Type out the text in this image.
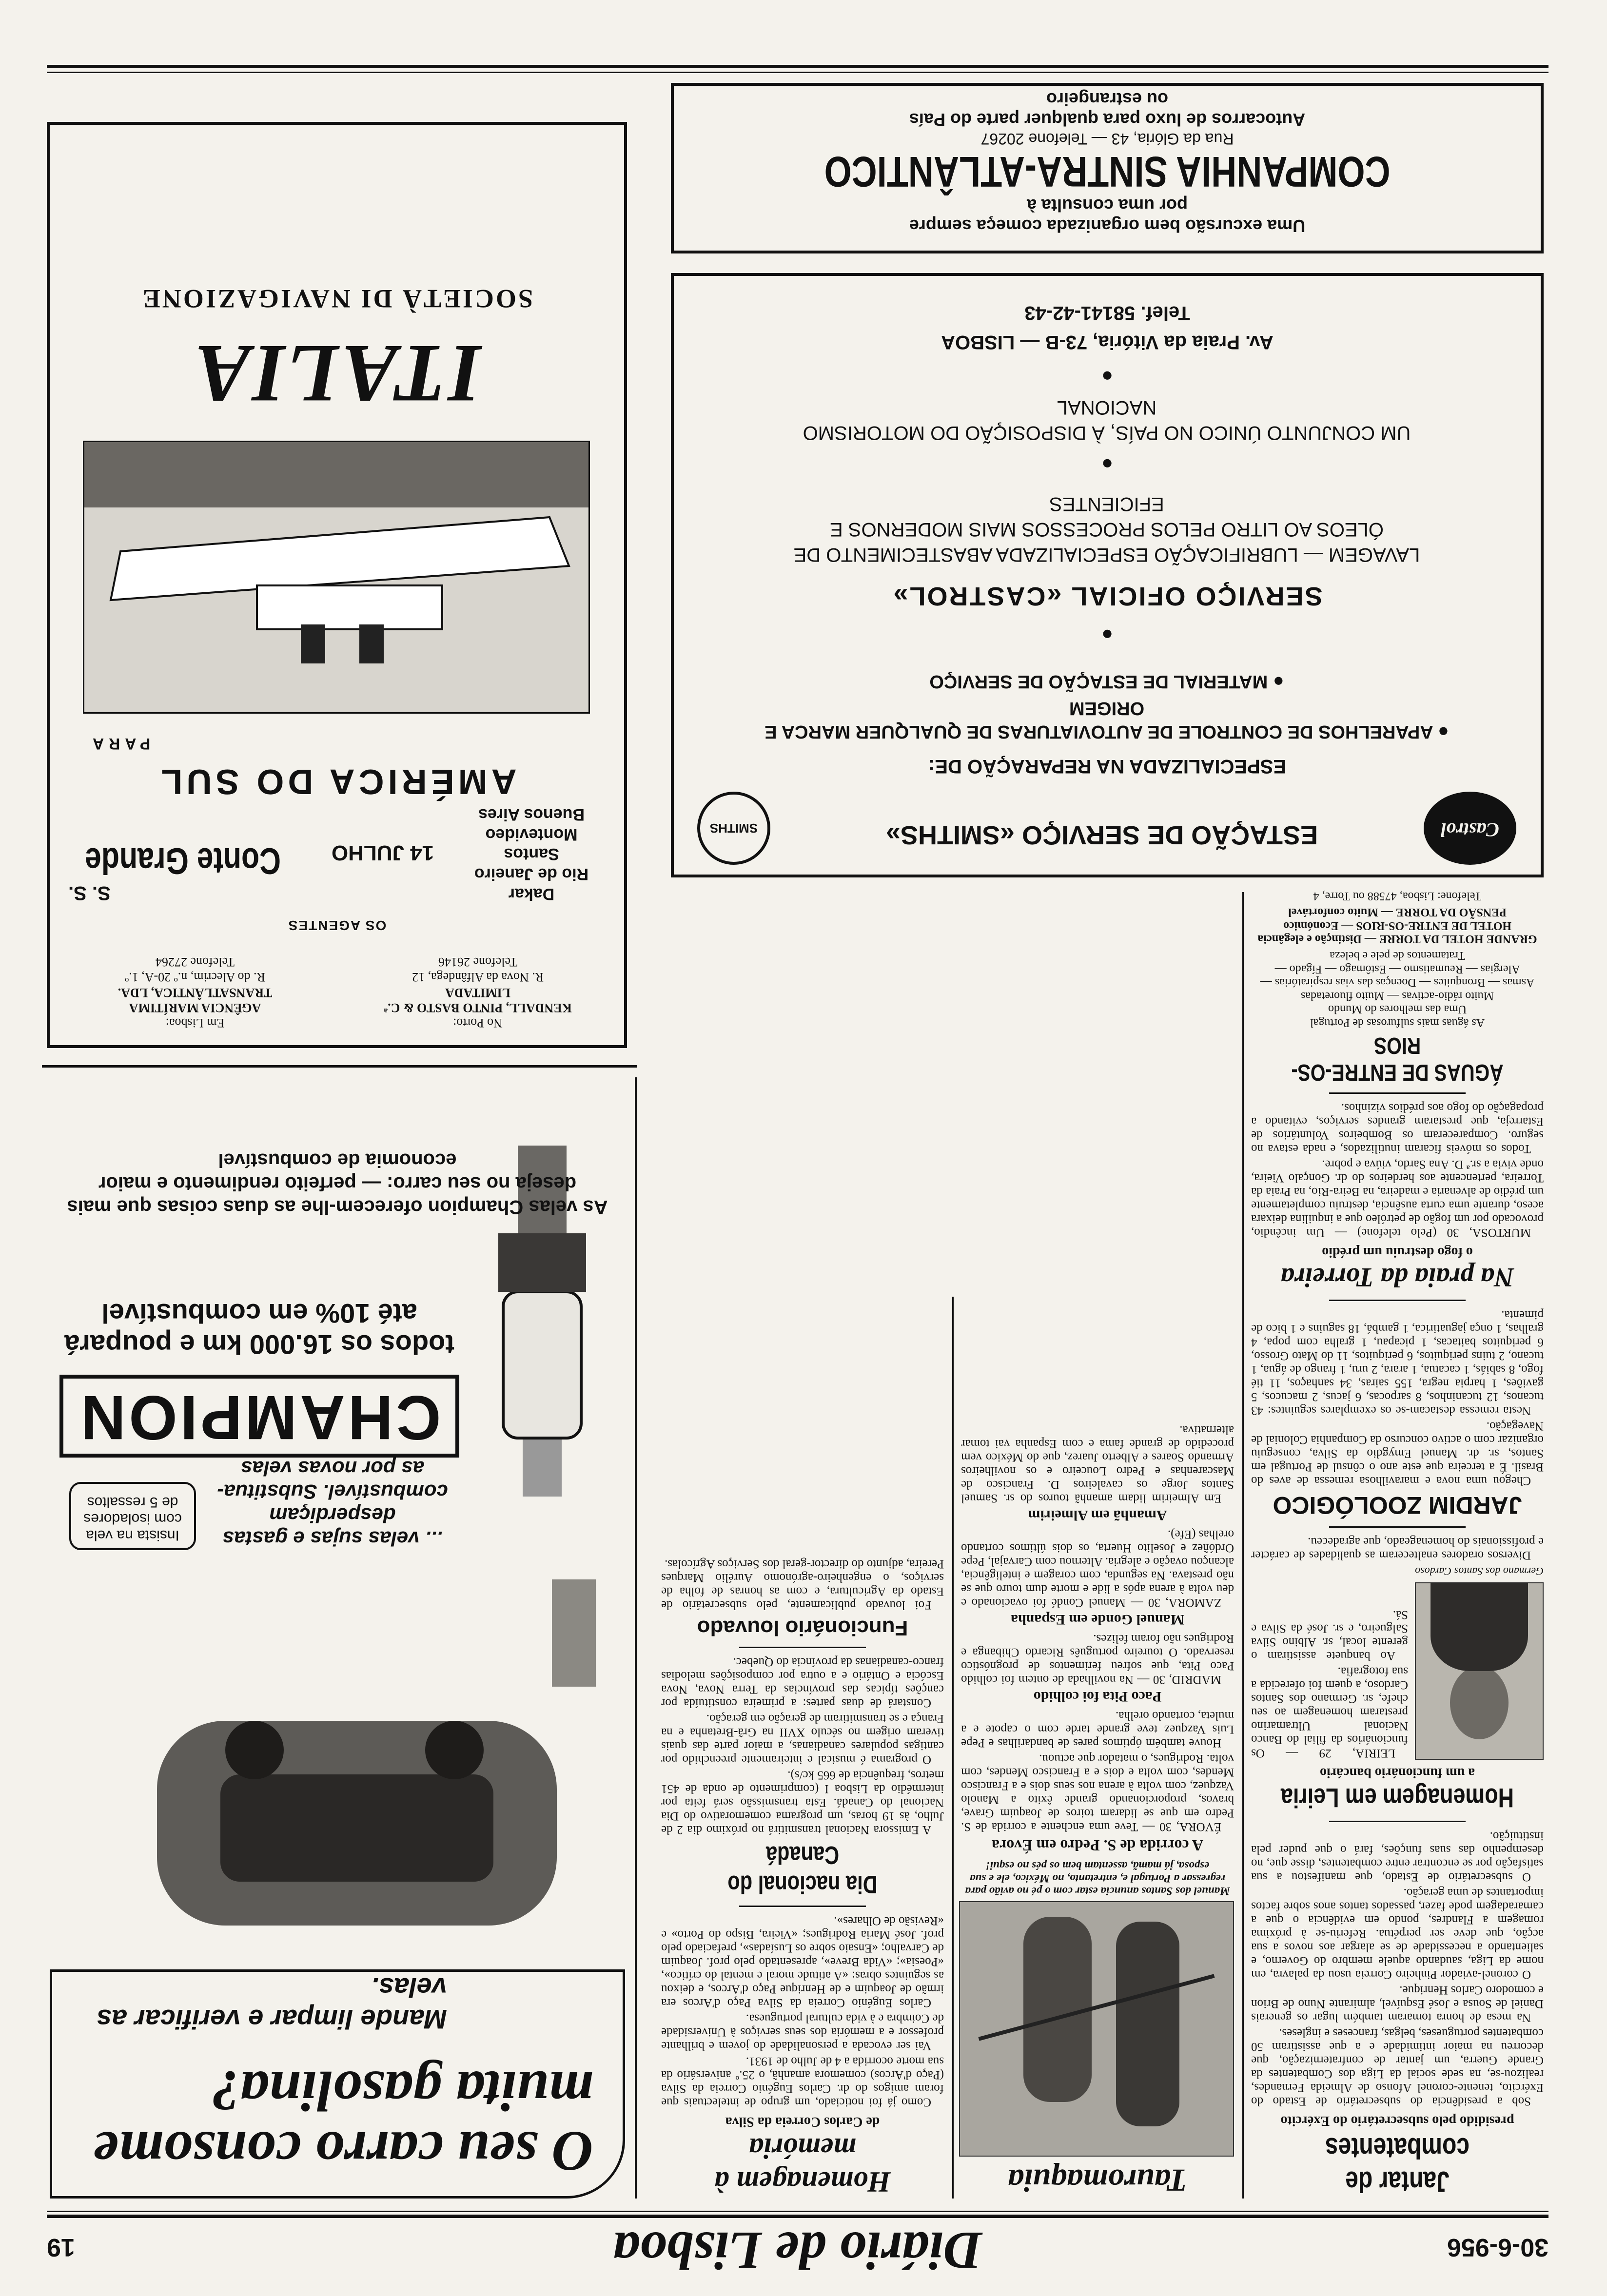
30-6-956
Diário de Lisboa
19
Jantar de combatentes
presidido pelo subsecretário do Exército

Sob a presidência do subsecretário de Estado do Exército, tenente-coronel Afonso de Almeida Fernandes, realizou-se, na sede social da Liga dos Combatentes da Grande Guerra, um jantar de confraternização, que decorreu na maior intimidade e a que assistiram 50 combatentes portugueses, belgas, franceses e ingleses.

Na mesa de honra tomaram também lugar os generais Daniel de Sousa e José Esquível, almirante Nuno de Brion e comodoro Carlos Henrique.

O coronel-aviador Pinheiro Correia usou da palavra, em nome da Liga, saudando aquele membro do Governo, e salientando a necessidade de se alargar aos novos a sua acção, que deve ser perpétua. Referiu-se à próxima romagem a Flandres, pondo em evidência o que a camaradagem pode fazer, passados tantos anos sobre factos importantes de uma geração.

O subsecretário de Estado, que manifestou a sua satisfação por se encontrar entre combatentes, disse que, no desempenho das suas funções, fará o que puder pela instituição.

Homenagem em Leiria
a um funcionário bancário

LEIRIA, 29 — Os funcionários da filial do Banco Nacional Ultramarino prestaram homenagem ao seu chefe, sr. Germano dos Santos Cardoso, a quem foi oferecida a sua fotografia.

Ao banquete assistiram o gerente local, sr. Albino Silva Salgueiro, e sr. José da Silva e Sá.

Germano dos Santos Cardoso

Diversos oradores enalteceram as qualidades de carácter e profissionais do homenageado, que agradeceu.

JARDIM ZOOLÓGICO

Chegou uma nova e maravilhosa remessa de aves do Brasil. É a terceira que este ano o cônsul de Portugal em Santos, sr. dr. Manuel Emygdio da Silva, conseguiu organizar com o activo concurso da Companhia Colonial de Navegação.

Nesta remessa destacam-se os exemplares seguintes: 43 tucanos, 12 tucaninhos, 8 sarpocas, 6 jacus, 2 macucos, 5 gaviões, 1 harpia negra, 155 sairas, 34 sanhaços, 11 tié fogo, 8 sabiás, 1 cacatua, 1 arara, 2 uru, 1 frango de água, 1 tucano, 2 tuins periquitos, 6 periquitos, 11 do Mato Grosso, 6 periquitos baitacas, 1 picapau, 1 gralha com popa, 4 gralhas, 1 onça jaguatirica, 1 gambá, 18 saguins e 1 bico de pimenta.

Na praia da Torreira
o fogo destruiu um prédio

MURTOSA, 30 (Pelo telefone) — Um incêndio, provocado por um fogão de petróleo que a inquilina deixara aceso, durante uma curta ausência, destruiu completamente um prédio de alvenaria e madeira, na Beira-Rio, na Praia da Torreira, pertencente aos herdeiros do dr. Gonçalo Vieira, onde vivia a sr.ª D. Ana Sardo, viúva e pobre.

Todos os móveis ficaram inutilizados, e nada estava no seguro. Compareceram os Bombeiros Voluntários de Estarreja, que prestaram grandes serviços, evitando a propagação do fogo aos prédios vizinhos.

ÁGUAS DE ENTRE-OS-RIOS
As águas mais sulfurosas de Portugal
Uma das melhores do Mundo
Muito rádio-activas — Muito fluoretadas
Asmas — Bronquites — Doenças das vias respiratórias — Alergias — Reumatismo — Estômago — Fígado — Tratamentos de pele e beleza
GRANDE HOTEL DA TORRE — Distinção e elegância
HOTEL DE ENTRE-OS-RIOS — Económico
PENSÃO DA TORRE — Muito confortável
Telefone: Lisboa, 47588 ou Torre, 4
Tauromaquia
Manuel dos Santos anuncia estar com o pé no avião para regressar a Portugal e, entretanto, no México, ele e sua esposa, já mamã, assentam bem os pés no esqui!
A corrida de S. Pedro em Évora

ÉVORA, 30 — Teve uma enchente a corrida de S. Pedro em que se lidaram toiros de Joaquim Grave, bravos, proporcionando grande êxito a Manolo Vazquez, com volta à arena nos seus dois e a Francisco Mendes, com volta e dois e a Francisco Mendes, com volta. Rodrigues, o matador que actuou.

Houve também óptimos pares de bandarilhas e Pepe Luis Vazquez teve grande tarde com o capote e a muleta, cortando orelha.

Paco Pita foi colhido

MADRID, 30 — Na novilhada de ontem foi colhido Paco Pita, que sofreu ferimentos de prognóstico reservado. O toureiro português Ricardo Chibanga e Rodrigues não foram felizes.

Manuel Gonde em Espanha

ZAMORA, 30 — Manuel Condé foi ovacionado e deu volta à arena após a lide e morte dum touro que se não prestava. Na segunda, com coragem e inteligência, alcançou ovação e alegria. Alternou com Carvajal, Pepe Ordóñez e Joselito Huerta, os dois últimos cortando orelhas (Efe).

Amanhã em Almeirim

Em Almeirim lidam amanhã touros do sr. Samuel Santos Jorge os cavaleiros D. Francisco de Mascarenhas e Pedro Louceiro e os novilheiros Armando Soares e Alberto Juarez, que do México vem procedido de grande fama e com Espanha vai tomar alternativa.

Homenagem à memória
de Carlos Correia da Silva

Como já foi noticiado, um grupo de intelectuais que foram amigos do dr. Carlos Eugénio Correia da Silva (Paço d'Arcos) comemora amanhã, o 25.º aniversário da sua morte ocorrida a 4 de Julho de 1931.

Vai ser evocada a personalidade do jovem e brilhante professor e a memória dos seus serviços à Universidade de Coimbra e à vida cultural portuguesa.

Carlos Eugénio Correia da Silva Paço d'Arcos era irmão de Joaquim e de Henrique Paço d'Arcos, e deixou as seguintes obras: «A atitude moral e mental do crítico», «Poesia»; «Vida Breve», apresentado pelo prof. Joaquim de Carvalho; «Ensaio sobre os Lusíadas», prefaciado pelo prof. José Maria Rodrigues; «Vieira, Bispo do Porto» e «Revisão de Olhares».

Dia nacional do Canadá

A Emissora Nacional transmitirá no próximo dia 2 de Julho, às 19 horas, um programa comemorativo do Dia Nacional do Canadá. Esta transmissão será feita por intermédio da Lisboa I (comprimento de onda de 451 metros, frequência de 665 kc/s).

O programa é musical e inteiramente preenchido por cantigas populares canadianas, a maior parte das quais tiveram origem no século XVII na Grã-Bretanha e na França e se transmitiram de geração em geração.

Constará de duas partes: a primeira constituída por canções típicas das províncias da Terra Nova, Nova Escócia e Ontário e a outra por composições melodias franco-canadianas da província do Quebec.

Funcionário louvado

Foi louvado publicamente, pelo subsecretário de Estado da Agricultura, e com as honras de folha de serviços, o engenheiro-agrónomo Aurélio Marques Pereira, adjunto do director-geral dos Serviços Agrícolas.

O seu carro consome muita gasolina?
Mande limpar e verificar as velas.
Insista na vela com isoladores de 5 ressaltos
... velas sujas e gastas desperdiçam combustível. Substitua-as por novas velas
CHAMPION
todos os 16.000 km e poupará até 10% em combustível
As velas Champion oferecem-lhe as duas coisas que mais deseja no seu carro: — perfeito rendimento e maior economia de combustível
OS AGENTES
No Porto:
KENDALL, PINTO BASTO & C.ª LIMITADA
R. Nova da Alfândega, 12
Telefone 26146
Em Lisboa:
AGÊNCIA MARÍTIMA TRANSATLÂNTICA, LDA.
R. do Alecrim, n.º 20-A, 1.º
Telefone 27264
Dakar
Rio de Janeiro
Santos
Montevideo
Buenos Aires
14 JULHO
S. S.
Conte Grande
AMÉRICA DO SUL
PARA
ITALIA
SOCIETÀ DI NAVIGAZIONE
Uma excursão bem organizada começa sempre
por uma consulta à
COMPANHIA SINTRA-ATLÂNTICO
Rua da Glória, 43 — Telefone 20267
Autocarros de luxo para qualquer parte do País
ou estrangeiro
SMITHS	ESTAÇÃO DE SERVIÇO «SMITHS»	Castrol
ESPECIALIZADA NA REPARAÇÃO DE:
● APARELHOS DE CONTROLE DE AUTOVIATURAS DE QUALQUER MARCA E ORIGEM
● MATERIAL DE ESTAÇÃO DE SERVIÇO
●
SERVIÇO OFICIAL «CASTROL»
LAVAGEM — LUBRIFICAÇÃO ESPECIALIZADA ABASTECIMENTO DE ÓLEOS AO LITRO PELOS PROCESSOS MAIS MODERNOS E EFICIENTES
●
UM CONJUNTO ÚNICO NO PAÍS, À DISPOSIÇÃO DO MOTORISMO NACIONAL
●
Av. Praia da Vitória, 73-B — LISBOA
Telef. 58141-42-43
